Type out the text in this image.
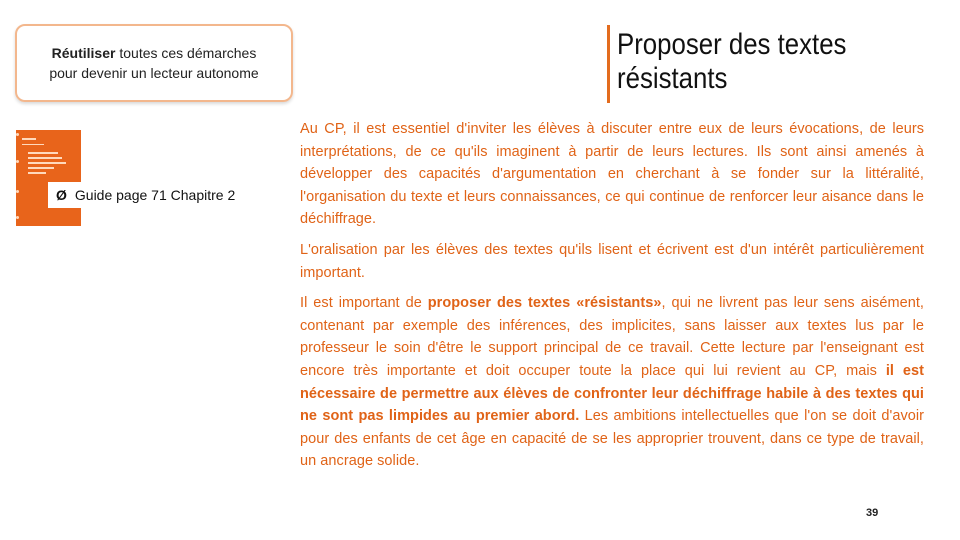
Réutiliser toutes ces démarches
pour devenir un lecteur autonome
Proposer des textes
résistants
Ø Guide page 71 Chapitre 2

Au CP, il est essentiel d'inviter les élèves à discuter entre eux de leurs évocations, de leurs interprétations, de ce qu'ils imaginent à partir de leurs lectures. Ils sont ainsi amenés à développer des capacités d'argumentation en cherchant à se fonder sur la littéralité, l'organisation du texte et leurs connaissances, ce qui continue de renforcer leur aisance dans le déchiffrage.

L'oralisation par les élèves des textes qu'ils lisent et écrivent est d'un intérêt particulièrement important.

Il est important de proposer des textes «résistants», qui ne livrent pas leur sens aisément, contenant par exemple des inférences, des implicites, sans laisser aux textes lus par le professeur le soin d'être le support principal de ce travail. Cette lecture par l'enseignant est encore très importante et doit occuper toute la place qui lui revient au CP, mais il est nécessaire de permettre aux élèves de confronter leur déchiffrage habile à des textes qui ne sont pas limpides au premier abord. Les ambitions intellectuelles que l'on se doit d'avoir pour des enfants de cet âge en capacité de se les approprier trouvent, dans ce type de travail, un ancrage solide.

39
